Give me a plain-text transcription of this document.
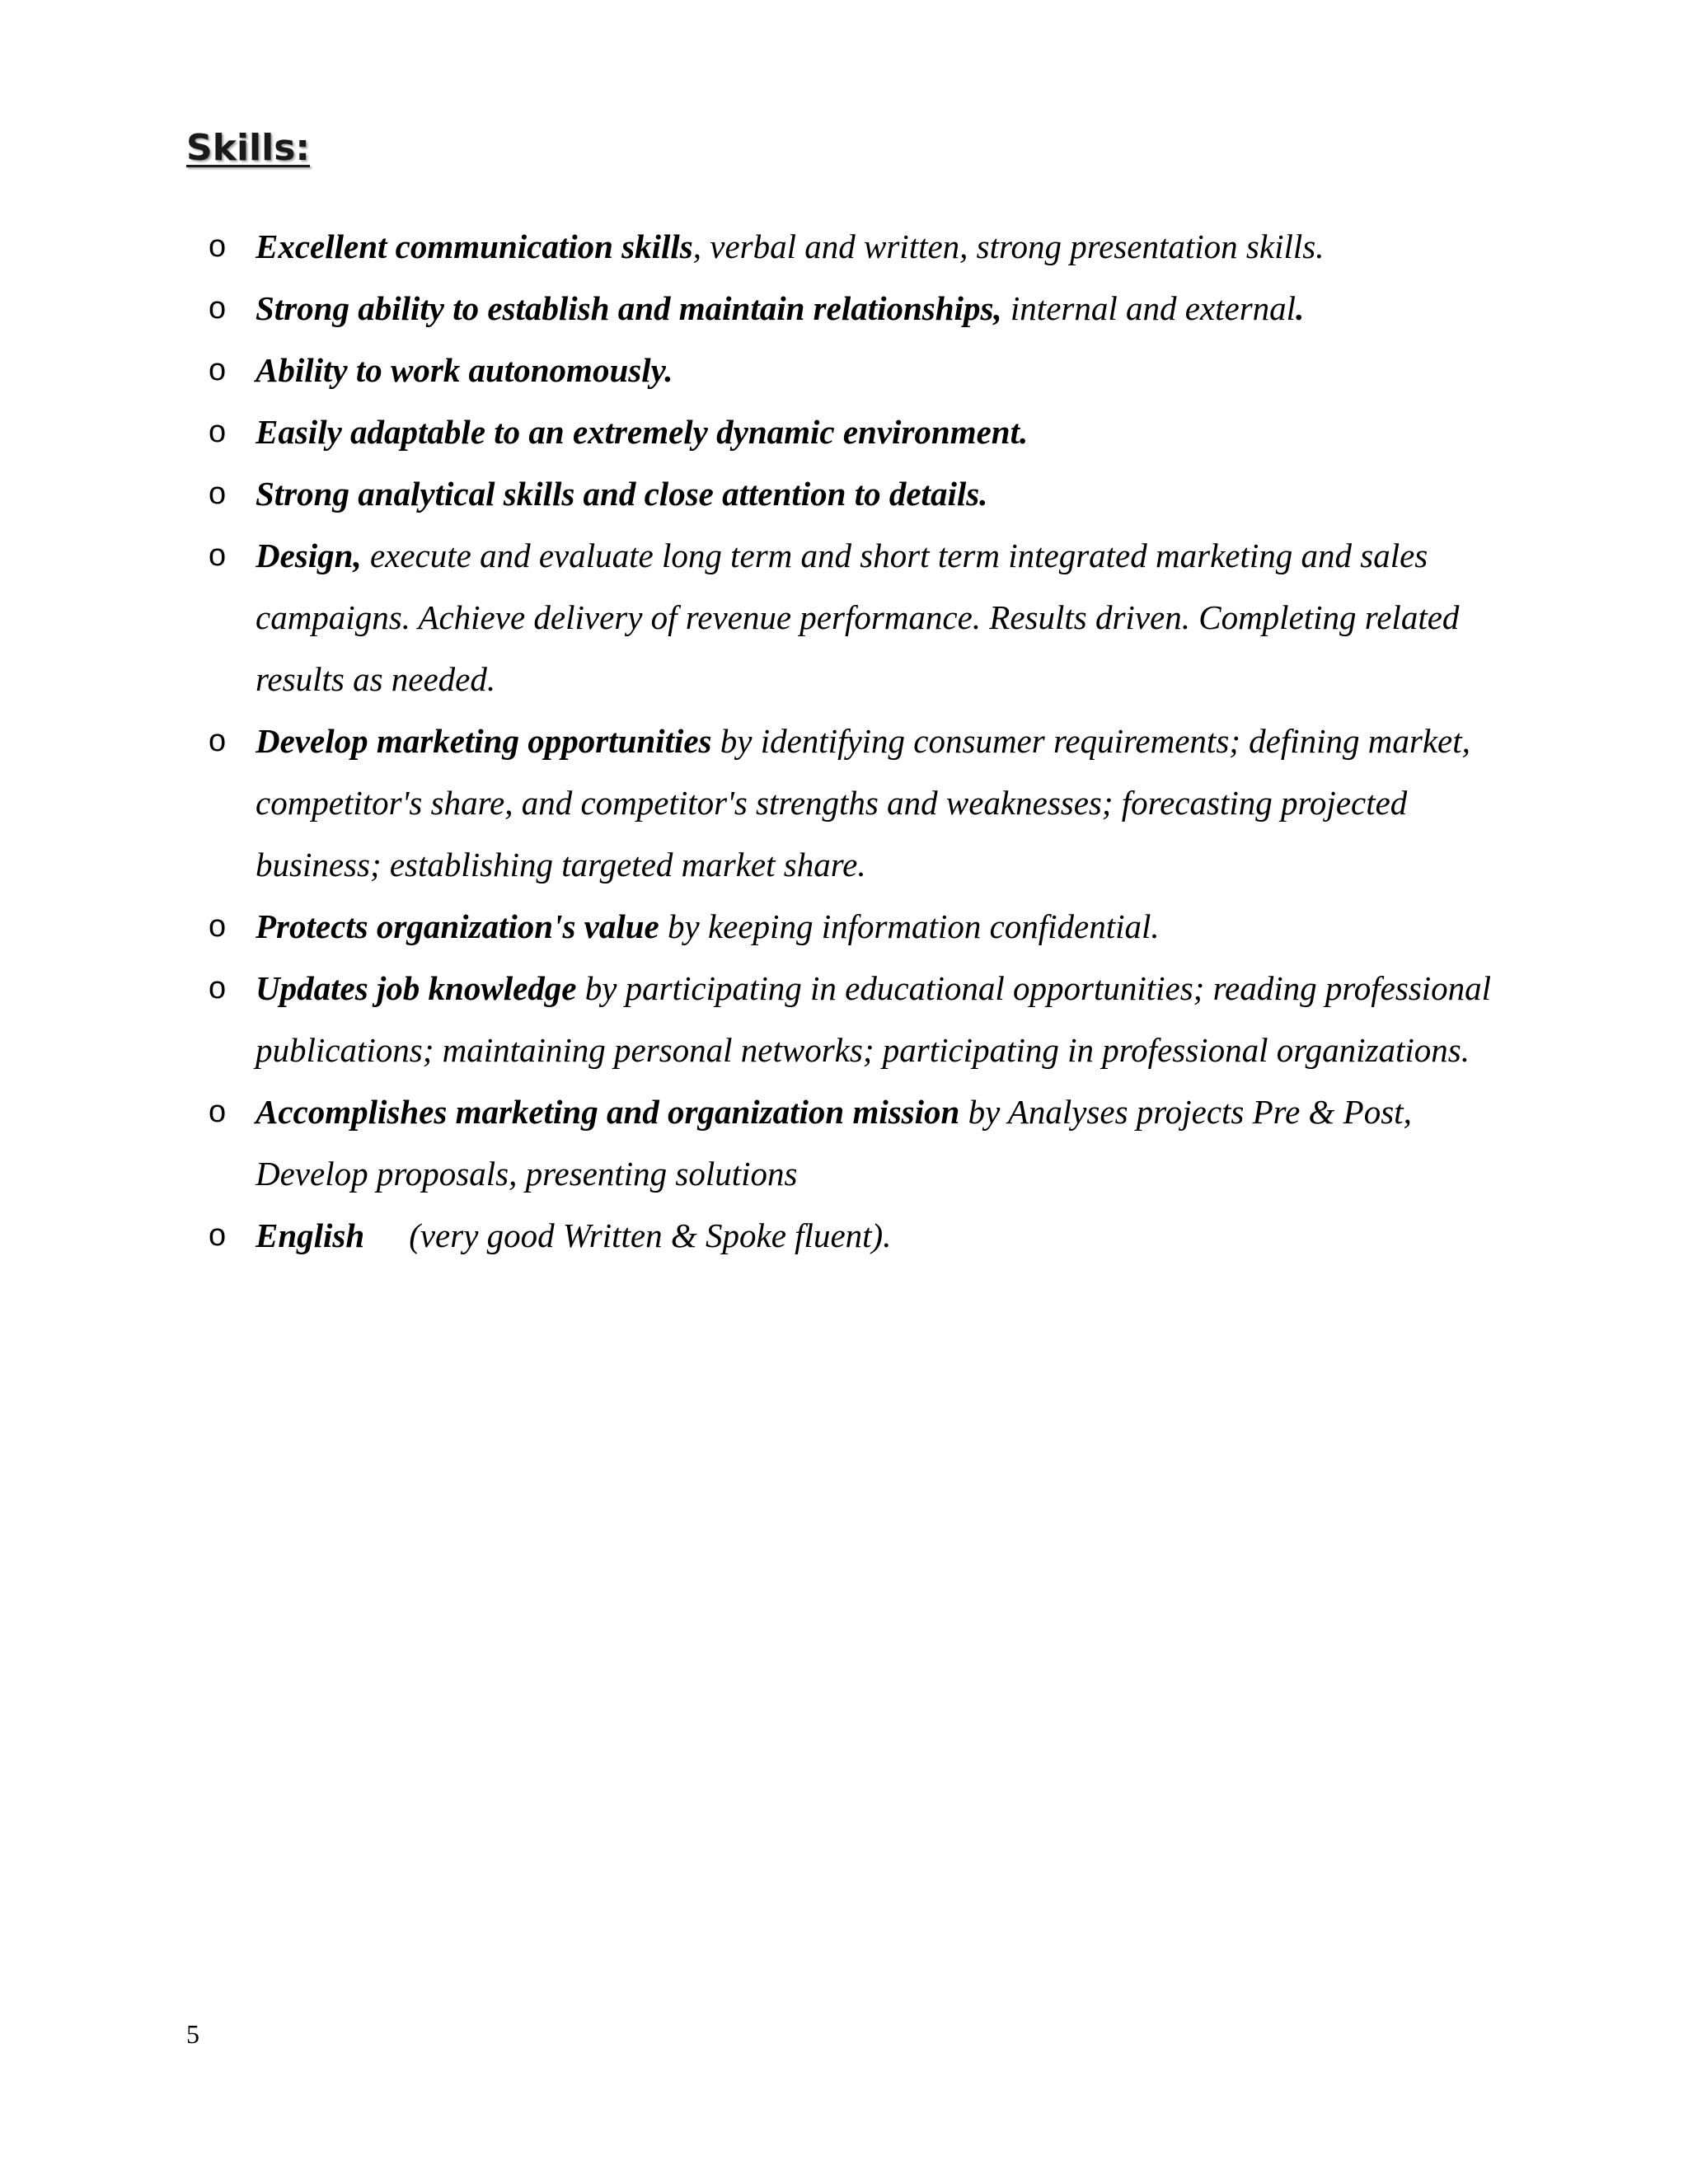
Skills:
o Excellent communication skills, verbal and written, strong presentation skills.
o Strong ability to establish and maintain relationships, internal and external.
o Ability to work autonomously.
o Easily adaptable to an extremely dynamic environment.
o Strong analytical skills and close attention to details.
o Design, execute and evaluate long term and short term integrated marketing and sales campaigns. Achieve delivery of revenue performance. Results driven. Completing related results as needed.
o Develop marketing opportunities by identifying consumer requirements; defining market, competitor's share, and competitor's strengths and weaknesses; forecasting projected business; establishing targeted market share.
o Protects organization's value by keeping information confidential.
o Updates job knowledge by participating in educational opportunities; reading professional publications; maintaining personal networks; participating in professional organizations.
o Accomplishes marketing and organization mission by Analyses projects Pre & Post, Develop proposals, presenting solutions
o English (very good Written & Spoke fluent).
5
